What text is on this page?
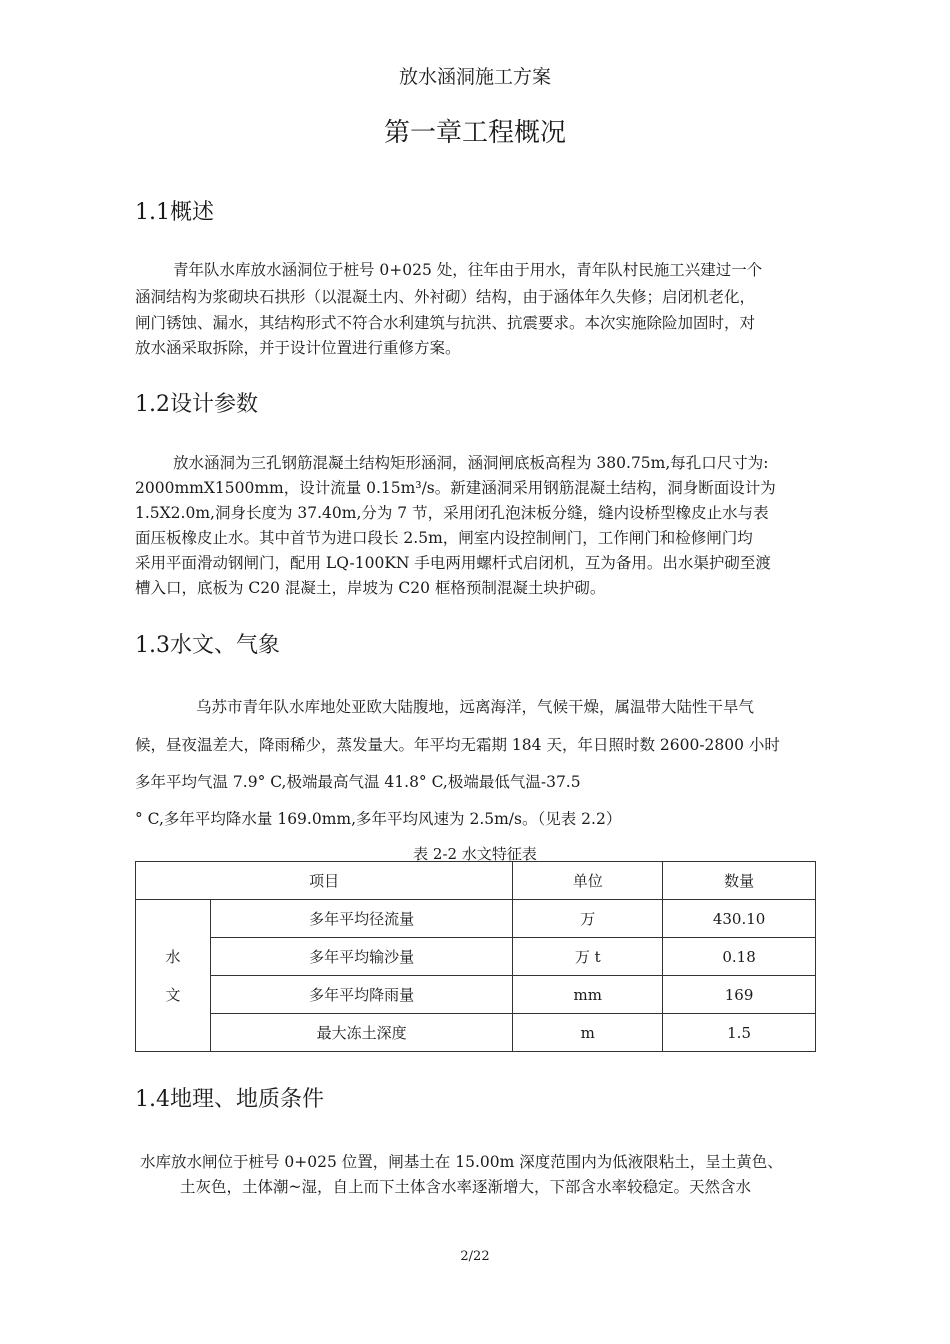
放水涵洞施工方案
第一章工程概况
1.1概述
青年队水库放水涵洞位于桩号 0+025 处，往年由于用水，青年队村民施工兴建过一个
涵洞结构为浆砌块石拱形（以混凝土内、外衬砌）结构，由于涵体年久失修；启闭机老化，
闸门锈蚀、漏水，其结构形式不符合水利建筑与抗洪、抗震要求。本次实施除险加固时，对
放水涵采取拆除，并于设计位置进行重修方案。
1.2设计参数
放水涵洞为三孔钢筋混凝土结构矩形涵洞，涵洞闸底板高程为 380.75m,每孔口尺寸为:
2000mmX1500mm，设计流量 0.15m³/s。新建涵洞采用钢筋混凝土结构，洞身断面设计为
1.5X2.0m,洞身长度为 37.40m,分为 7 节，采用闭孔泡沫板分缝，缝内设桥型橡皮止水与表
面压板橡皮止水。其中首节为进口段长 2.5m，闸室内设控制闸门，工作闸门和检修闸门均
采用平面滑动钢闸门，配用 LQ-100KN 手电两用螺杆式启闭机，互为备用。出水渠护砌至渡
槽入口，底板为 C20 混凝土，岸坡为 C20 框格预制混凝土块护砌。
1.3水文、气象
乌苏市青年队水库地处亚欧大陆腹地，远离海洋，气候干燥，属温带大陆性干旱气
候，昼夜温差大，降雨稀少，蒸发量大。年平均无霜期 184 天，年日照时数 2600-2800 小时
多年平均气温 7.9° C,极端最高气温 41.8° C,极端最低气温-37.5
° C,多年平均降水量 169.0mm,多年平均风速为 2.5m/s。（见表 2.2）
表 2-2 水文特征表
项目		单位	数量
水
文	多年平均径流量	万	430.10
	多年平均输沙量	万 t	0.18
	多年平均降雨量	mm	169
	最大冻土深度	m	1.5
1.4地理、地质条件
水库放水闸位于桩号 0+025 位置，闸基土在 15.00m 深度范围内为低液限粘土，呈土黄色、
土灰色，土体潮~湿，自上而下土体含水率逐渐增大，下部含水率较稳定。天然含水
2/22
